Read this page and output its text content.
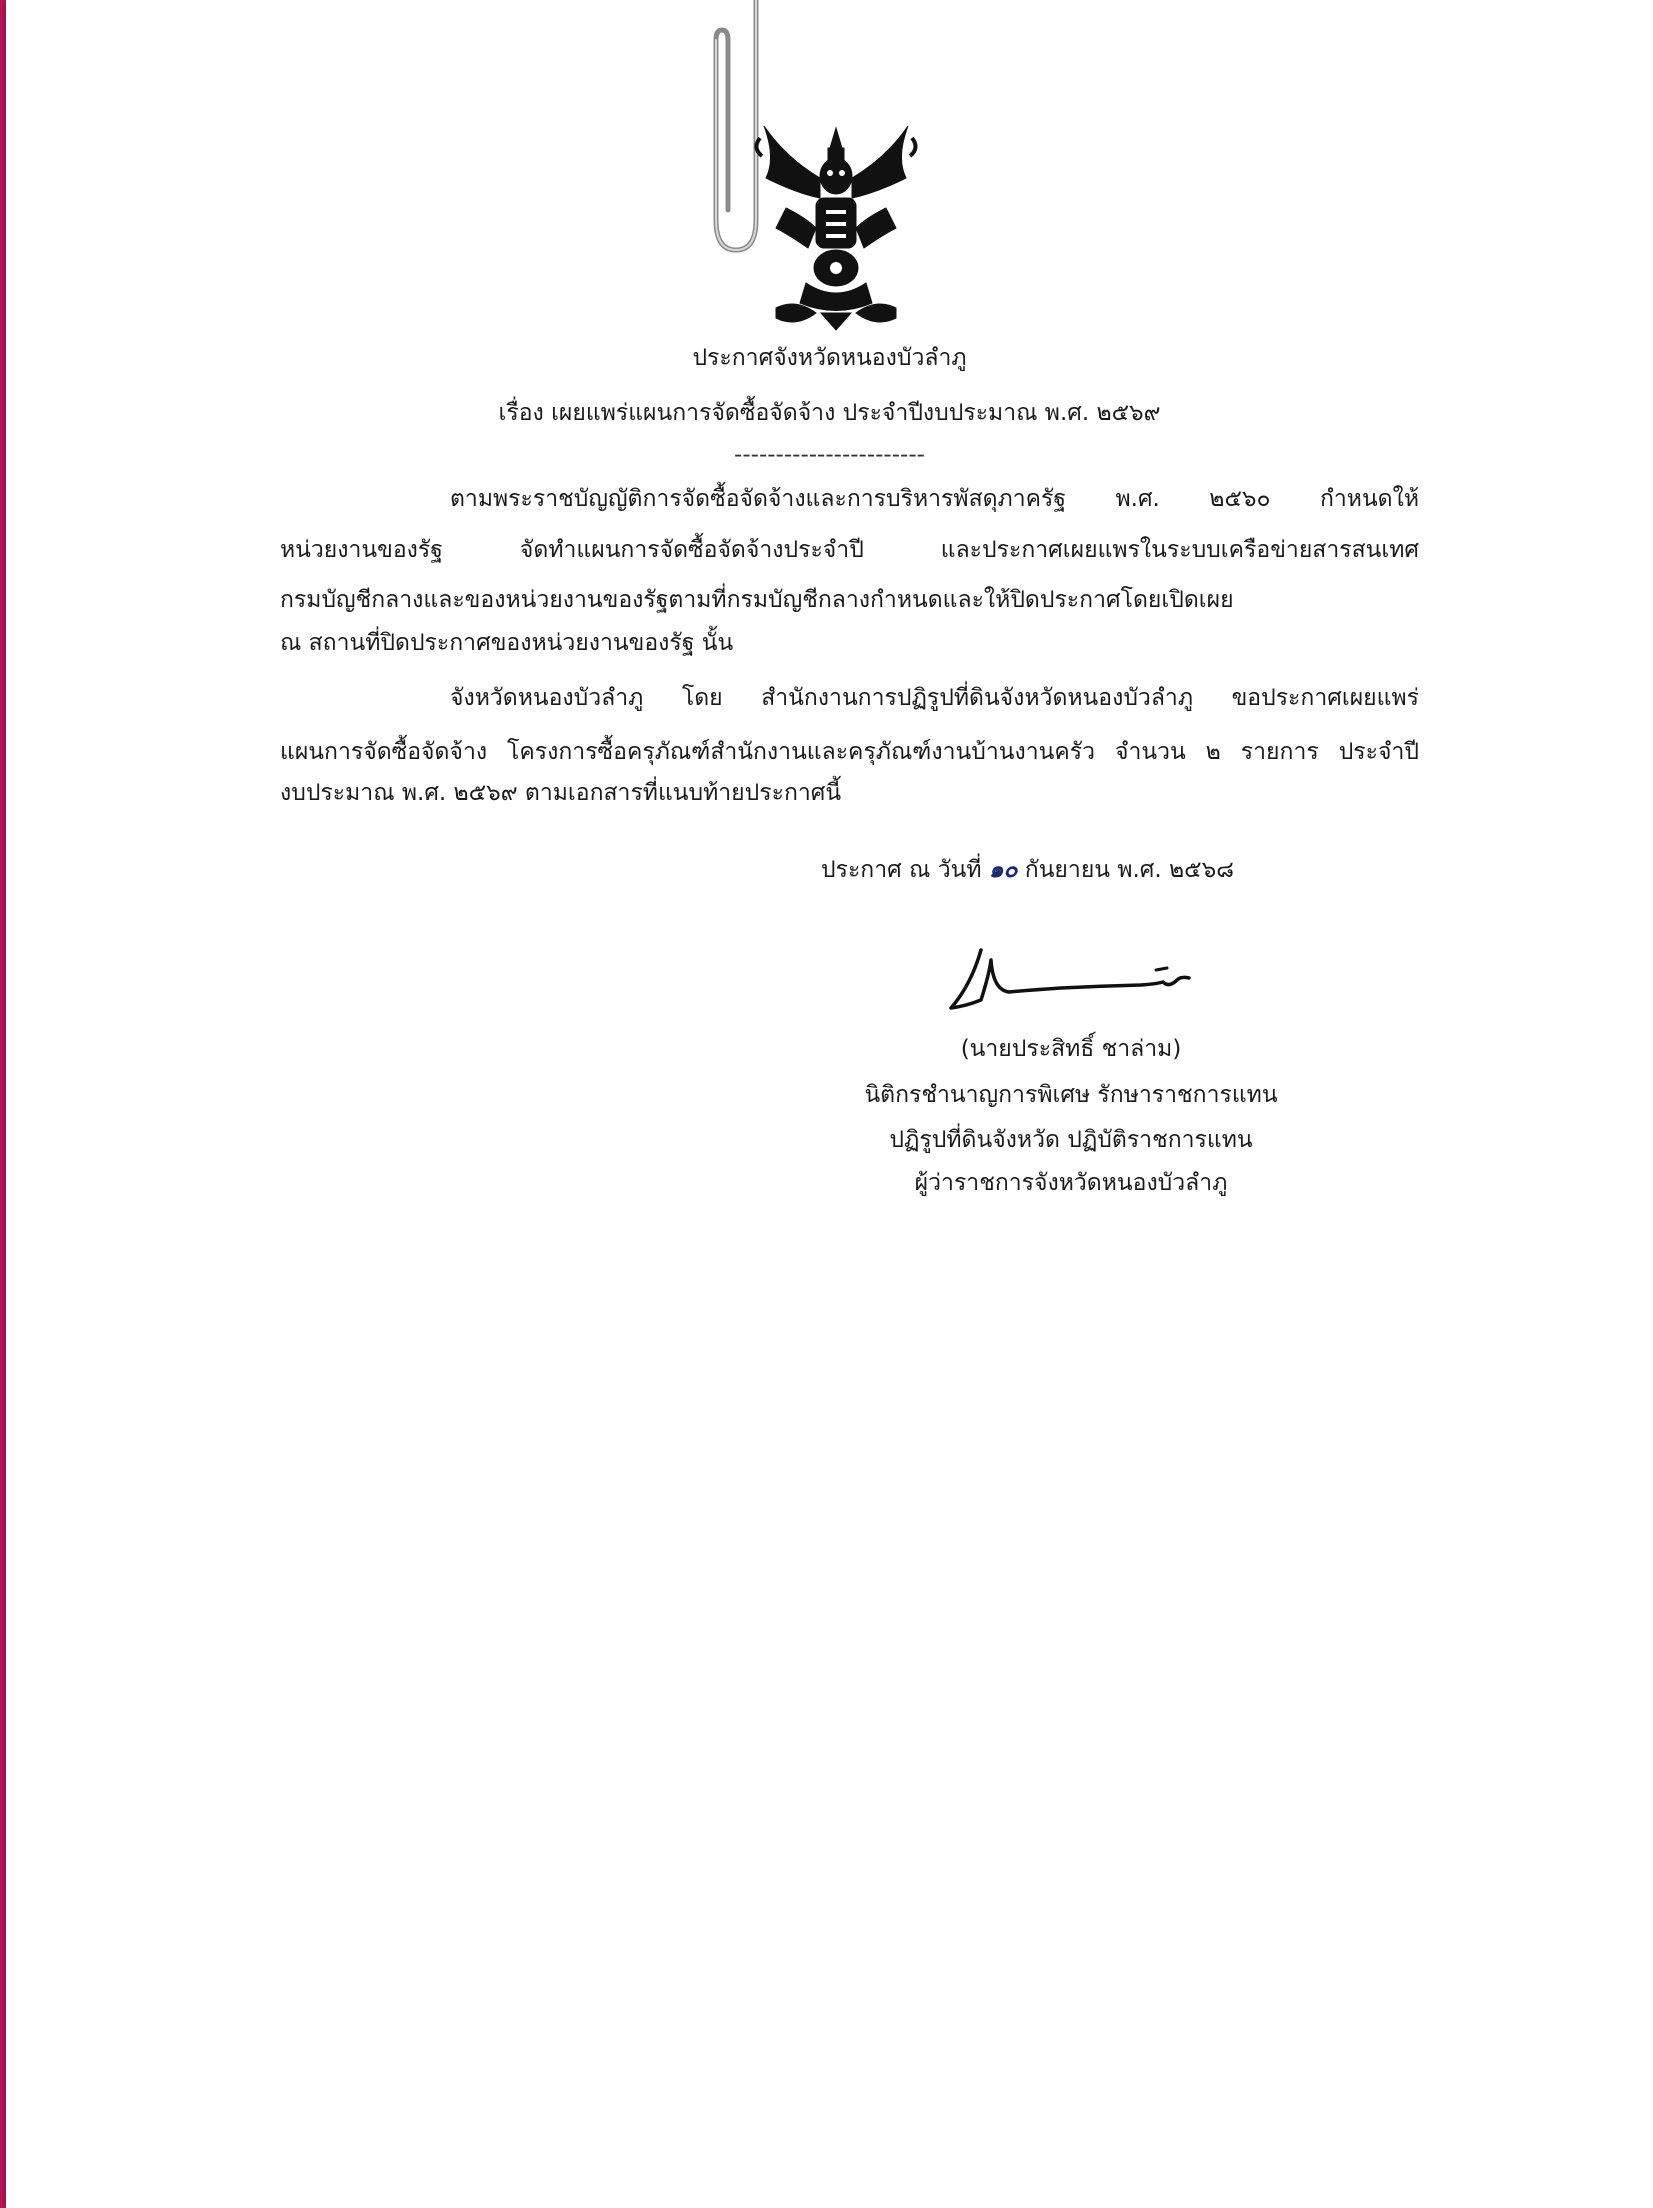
ประกาศจังหวัดหนองบัวลำภู
เรื่อง เผยแพร่แผนการจัดซื้อจัดจ้าง ประจำปีงบประมาณ พ.ศ. ๒๕๖๙
-----------------------
ตามพระราชบัญญัติการจัดซื้อจัดจ้างและการบริหารพัสดุภาครัฐ พ.ศ. ๒๕๖๐ กำหนดให้
หน่วยงานของรัฐ จัดทำแผนการจัดซื้อจัดจ้างประจำปี และประกาศเผยแพรในระบบเครือข่ายสารสนเทศ
กรมบัญชีกลางและของหน่วยงานของรัฐตามที่กรมบัญชีกลางกำหนดและให้ปิดประกาศโดยเปิดเผย
ณ สถานที่ปิดประกาศของหน่วยงานของรัฐ นั้น
จังหวัดหนองบัวลำภู โดย สำนักงานการปฏิรูปที่ดินจังหวัดหนองบัวลำภู ขอประกาศเผยแพร่
แผนการจัดซื้อจัดจ้าง โครงการซื้อครุภัณฑ์สำนักงานและครุภัณฑ์งานบ้านงานครัว จำนวน ๒ รายการ ประจำปี
งบประมาณ พ.ศ. ๒๕๖๙ ตามเอกสารที่แนบท้ายประกาศนี้
ประกาศ ณ วันที่ ๑๐ กันยายน พ.ศ. ๒๕๖๘
(นายประสิทธิ์ ชาล่าม)
นิติกรชำนาญการพิเศษ รักษาราชการแทน
ปฏิรูปที่ดินจังหวัด ปฏิบัติราชการแทน
ผู้ว่าราชการจังหวัดหนองบัวลำภู
